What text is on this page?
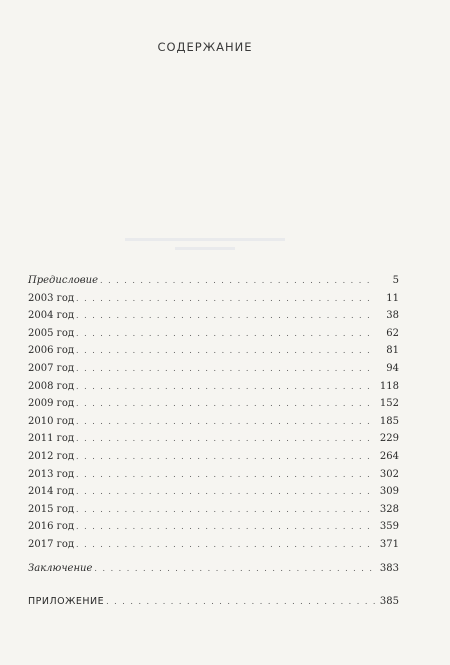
СОДЕРЖАНИЕ
Предисловие . . .	5
2003 год . . .	11
2004 год . . .	38
2005 год . . .	62
2006 год . . .	81
2007 год . . .	94
2008 год . . .	118
2009 год . . .	152
2010 год . . .	185
2011 год . . .	229
2012 год . . .	264
2013 год . . .	302
2014 год . . .	309
2015 год . . .	328
2016 год . . .	359
2017 год . . .	371
Заключение . . .	383
ПРИЛОЖЕНИЕ . . .	385
